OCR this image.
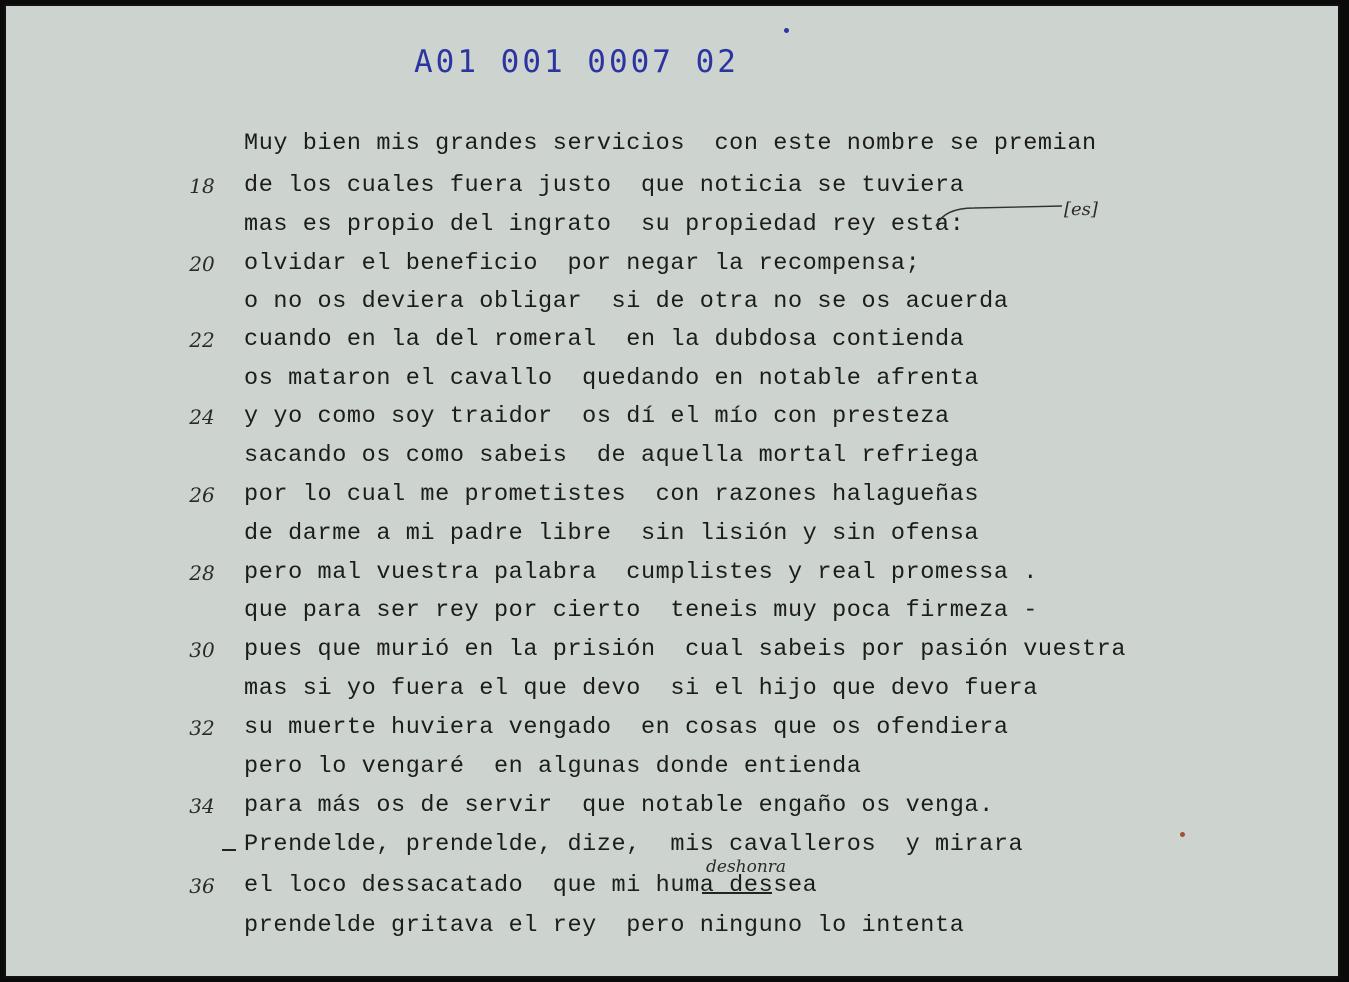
A01 001 0007 02
Muy bien mis grandes servicios  con este nombre se premian
18	de los cuales fuera justo  que noticia se tuviera
mas es propio del ingrato  su propiedad rey esta:
20	olvidar el beneficio  por negar la recompensa;
o no os deviera obligar  si de otra no se os acuerda
22	cuando en la del romeral  en la dubdosa contienda
os mataron el cavallo  quedando en notable afrenta
24	y yo como soy traidor  os dí el mío con presteza
sacando os como sabeis  de aquella mortal refriega
26	por lo cual me prometistes  con razones halagueñas
de darme a mi padre libre  sin lisión y sin ofensa
28	pero mal vuestra palabra  cumplistes y real promessa .
que para ser rey por cierto  teneis muy poca firmeza -
30	pues que murió en la prisión  cual sabeis por pasión vuestra
mas si yo fuera el que devo  si el hijo que devo fuera
32	su muerte huviera vengado  en cosas que os ofendiera
pero lo vengaré  en algunas donde entienda
34	para más os de servir  que notable engaño os venga.
Prendelde, prendelde, dize,  mis cavalleros  y mirara
36	el loco dessacatado  que mi huma dessea
prendelde gritava el rey  pero ninguno lo intenta
[es]
deshonra
